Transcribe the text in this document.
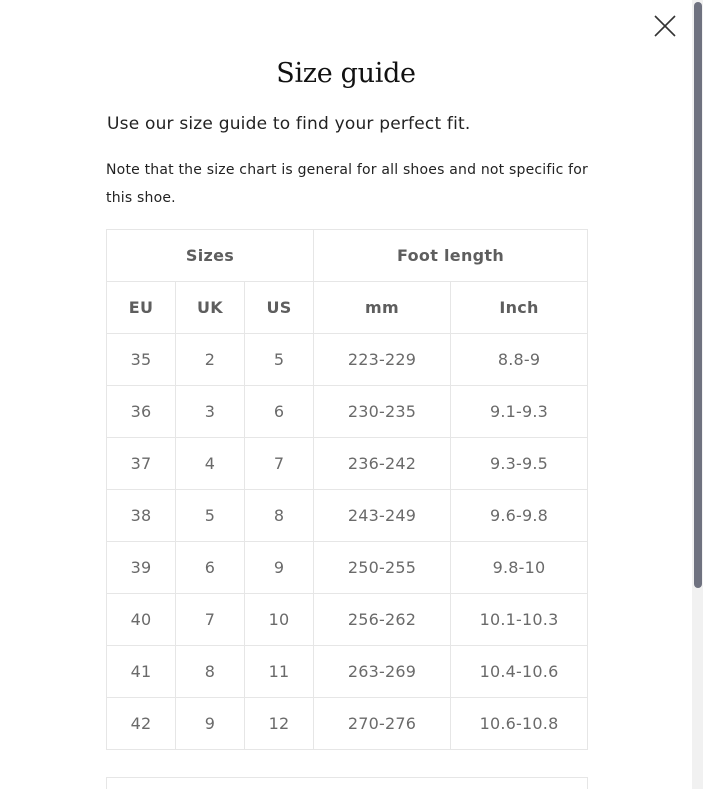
Size guide
Use our size guide to find your perfect fit.
Note that the size chart is general for all shoes and not specific for this shoe.
Sizes			Foot length	
EU	UK	US	mm	Inch
35	2	5	223-229	8.8-9
36	3	6	230-235	9.1-9.3
37	4	7	236-242	9.3-9.5
38	5	8	243-249	9.6-9.8
39	6	9	250-255	9.8-10
40	7	10	256-262	10.1-10.3
41	8	11	263-269	10.4-10.6
42	9	12	270-276	10.6-10.8
